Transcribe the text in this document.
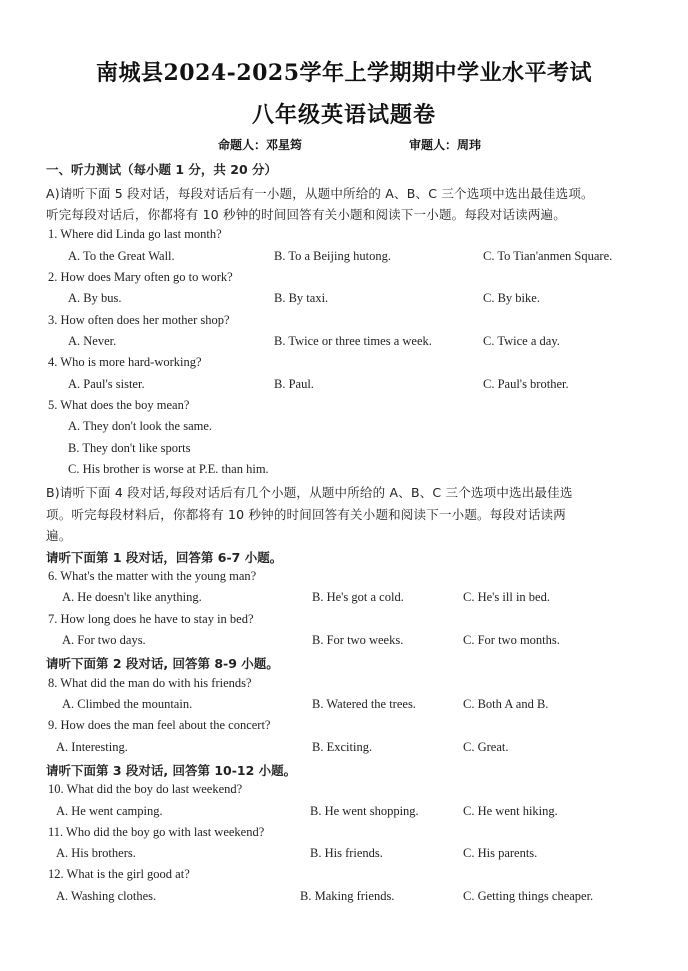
南城县2024-2025学年上学期期中学业水平考试
八年级英语试题卷
命题人：邓星筠	审题人：周玮
一、听力测试（每小题 1 分，共 20 分）
A)请听下面 5 段对话，每段对话后有一小题，从题中所给的 A、B、C 三个选项中选出最佳选项。
听完每段对话后，你都将有 10 秒钟的时间回答有关小题和阅读下一小题。每段对话读两遍。
1. Where did Linda go last month?
A. To the Great Wall.	B. To a Beijing hutong.	C. To Tian'anmen Square.
2. How does Mary often go to work?
A. By bus.	B. By taxi.	C. By bike.
3. How often does her mother shop?
A. Never.	B. Twice or three times a week.	C. Twice a day.
4. Who is more hard-working?
A. Paul's sister.	B. Paul.	C. Paul's brother.
5. What does the boy mean?
A. They don't look the same.
B. They don't like sports
C. His brother is worse at P.E. than him.
B)请听下面 4 段对话,每段对话后有几个小题，从题中所给的 A、B、C 三个选项中选出最佳选
项。听完每段材料后，你都将有 10 秒钟的时间回答有关小题和阅读下一小题。每段对话读两
遍。
请听下面第 1 段对话，回答第 6-7 小题。
6. What's the matter with the young man?
A. He doesn't like anything.	B. He's got a cold.	C. He's ill in bed.
7. How long does he have to stay in bed?
A. For two days.	B. For two weeks.	C. For two months.
请听下面第 2 段对话, 回答第 8-9 小题。
8. What did the man do with his friends?
A. Climbed the mountain.	B. Watered the trees.	C. Both A and B.
9. How does the man feel about the concert?
A. Interesting.	B. Exciting.	C. Great.
请听下面第 3 段对话, 回答第 10-12 小题。
10. What did the boy do last weekend?
A. He went camping.	B. He went shopping.	C. He went hiking.
11. Who did the boy go with last weekend?
A. His brothers.	B. His friends.	C. His parents.
12. What is the girl good at?
A. Washing clothes.	B. Making friends.	C. Getting things cheaper.
